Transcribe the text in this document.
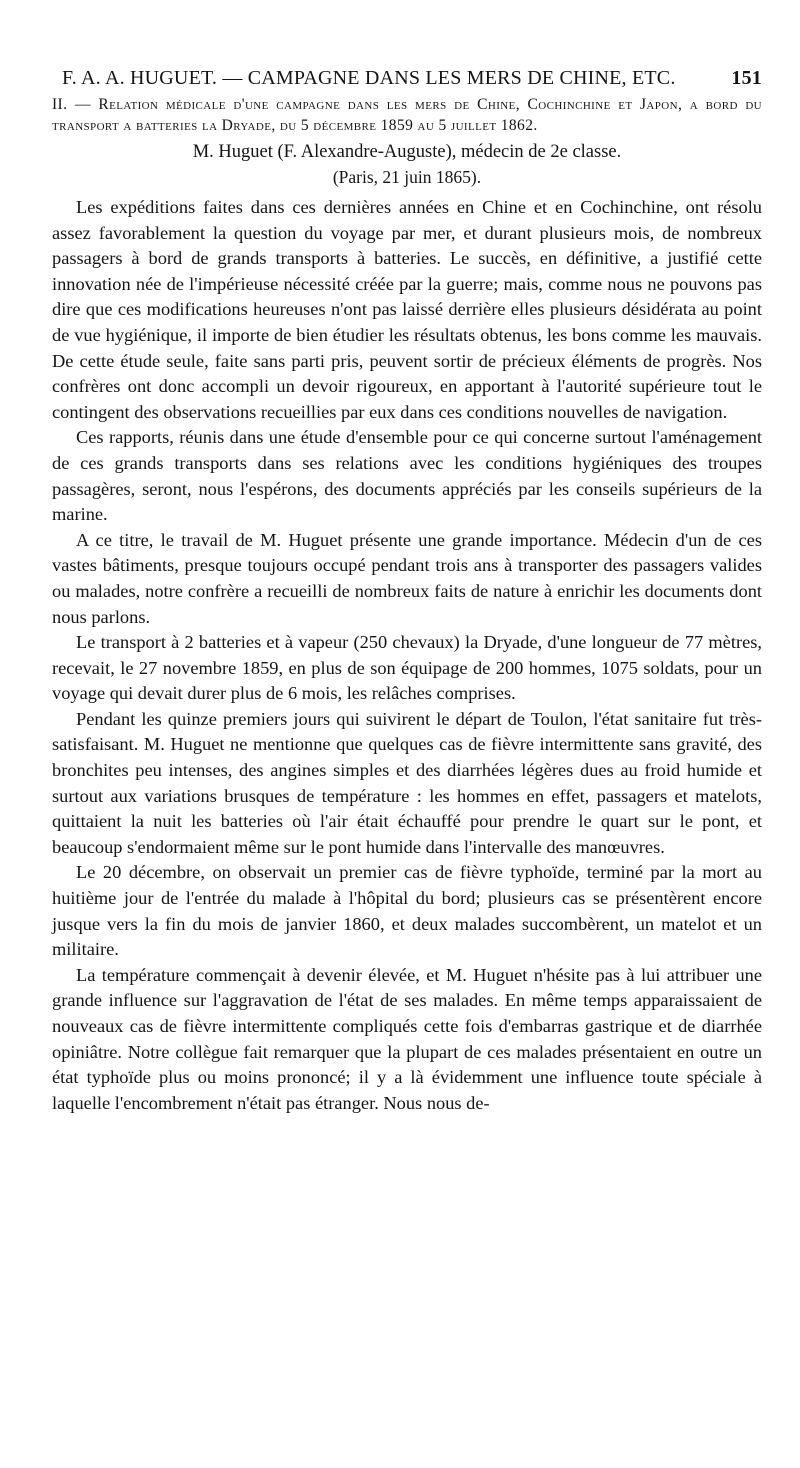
F. A. A. HUGUET. — CAMPAGNE DANS LES MERS DE CHINE, ETC.	151
II. — Relation médicale d'une campagne dans les mers de Chine, Cochinchine et Japon, a bord du transport a batteries la Dryade, du 5 décembre 1859 au 5 juillet 1862.
M. Huguet (F. Alexandre-Auguste), médecin de 2e classe.
(Paris, 21 juin 1865).

Les expéditions faites dans ces dernières années en Chine et en Cochinchine, ont résolu assez favorablement la question du voyage par mer, et durant plusieurs mois, de nombreux passagers à bord de grands transports à batteries. Le succès, en définitive, a justifié cette innovation née de l'impérieuse nécessité créée par la guerre; mais, comme nous ne pouvons pas dire que ces modifications heureuses n'ont pas laissé derrière elles plusieurs désidérata au point de vue hygiénique, il importe de bien étudier les résultats obtenus, les bons comme les mauvais. De cette étude seule, faite sans parti pris, peuvent sortir de précieux éléments de progrès. Nos confrères ont donc accompli un devoir rigoureux, en apportant à l'autorité supérieure tout le contingent des observations recueillies par eux dans ces conditions nouvelles de navigation.

Ces rapports, réunis dans une étude d'ensemble pour ce qui concerne surtout l'aménagement de ces grands transports dans ses relations avec les conditions hygiéniques des troupes passagères, seront, nous l'espérons, des documents appréciés par les conseils supérieurs de la marine.

A ce titre, le travail de M. Huguet présente une grande importance. Médecin d'un de ces vastes bâtiments, presque toujours occupé pendant trois ans à transporter des passagers valides ou malades, notre confrère a recueilli de nombreux faits de nature à enrichir les documents dont nous parlons.

Le transport à 2 batteries et à vapeur (250 chevaux) la Dryade, d'une longueur de 77 mètres, recevait, le 27 novembre 1859, en plus de son équipage de 200 hommes, 1075 soldats, pour un voyage qui devait durer plus de 6 mois, les relâches comprises.

Pendant les quinze premiers jours qui suivirent le départ de Toulon, l'état sanitaire fut très-satisfaisant. M. Huguet ne mentionne que quelques cas de fièvre intermittente sans gravité, des bronchites peu intenses, des angines simples et des diarrhées légères dues au froid humide et surtout aux variations brusques de température : les hommes en effet, passagers et matelots, quittaient la nuit les batteries où l'air était échauffé pour prendre le quart sur le pont, et beaucoup s'endormaient même sur le pont humide dans l'intervalle des manœuvres.

Le 20 décembre, on observait un premier cas de fièvre typhoïde, terminé par la mort au huitième jour de l'entrée du malade à l'hôpital du bord; plusieurs cas se présentèrent encore jusque vers la fin du mois de janvier 1860, et deux malades succombèrent, un matelot et un militaire.

La température commençait à devenir élevée, et M. Huguet n'hésite pas à lui attribuer une grande influence sur l'aggravation de l'état de ses malades. En même temps apparaissaient de nouveaux cas de fièvre intermittente compliqués cette fois d'embarras gastrique et de diarrhée opiniâtre. Notre collègue fait remarquer que la plupart de ces malades présentaient en outre un état typhoïde plus ou moins prononcé; il y a là évidemment une influence toute spéciale à laquelle l'encombrement n'était pas étranger. Nous nous de-
